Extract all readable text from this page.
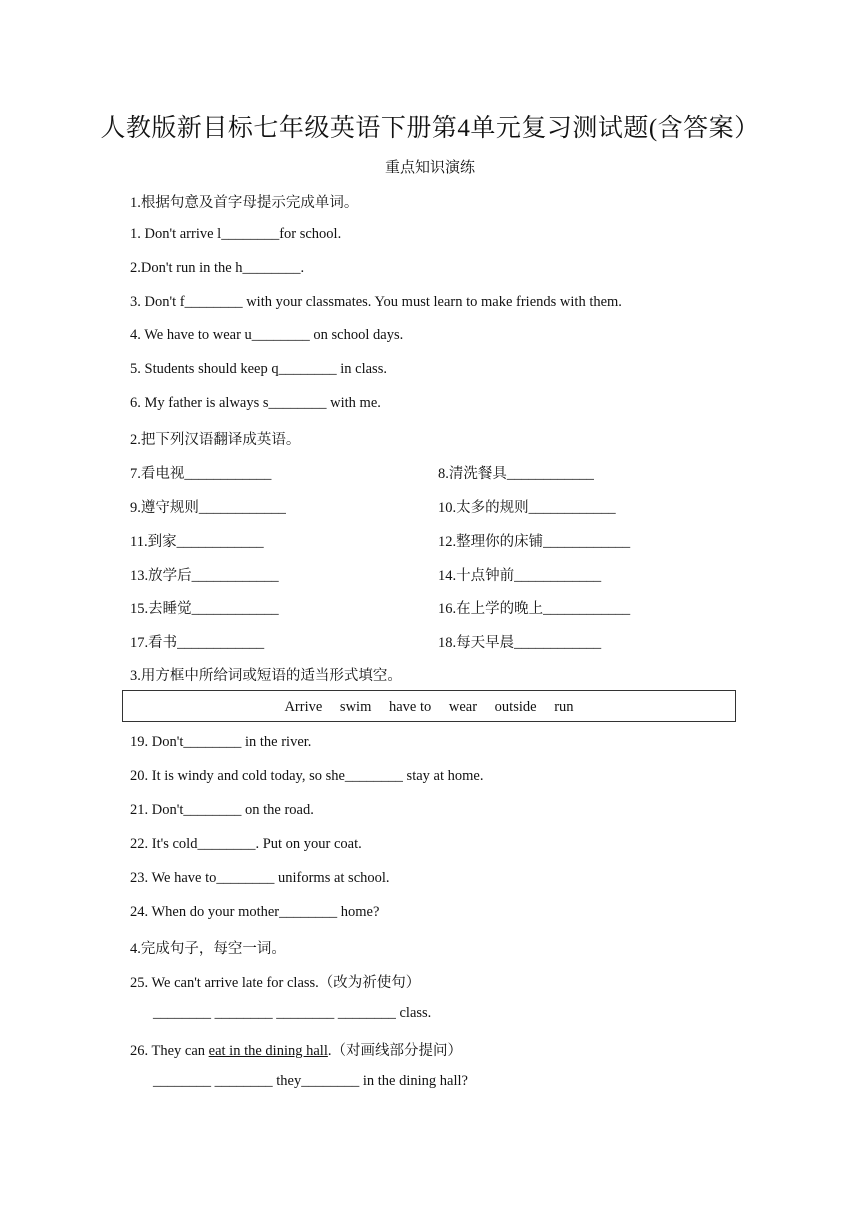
人教版新目标七年级英语下册第4单元复习测试题(含答案）
重点知识演练
1.根据句意及首字母提示完成单词。
1. Don't arrive l________for school.
2.Don't run in the h________.
3. Don't f________ with your classmates. You must learn to make friends with them.
4. We have to wear u________ on school days.
5. Students should keep q________ in class.
6. My father is always s________ with me.
2.把下列汉语翻译成英语。
7.看电视____________	8.清洗餐具____________
9.遵守规则____________	10.太多的规则____________
11.到家____________	12.整理你的床铺____________
13.放学后____________	14.十点钟前____________
15.去睡觉____________	16.在上学的晚上____________
17.看书____________	18.每天早晨____________
3.用方框中所给词或短语的适当形式填空。
Arrive swim have to wear outside run
19. Don't________ in the river.
20. It is windy and cold today, so she________ stay at home.
21. Don't________ on the road.
22. It's cold________. Put on your coat.
23. We have to________ uniforms at school.
24. When do your mother________ home?
4.完成句子，每空一词。
25. We can't arrive late for class.（改为祈使句）
________ ________ ________ ________ class.
26. They can eat in the dining hall.（对画线部分提问）
________ ________ they________ in the dining hall?
